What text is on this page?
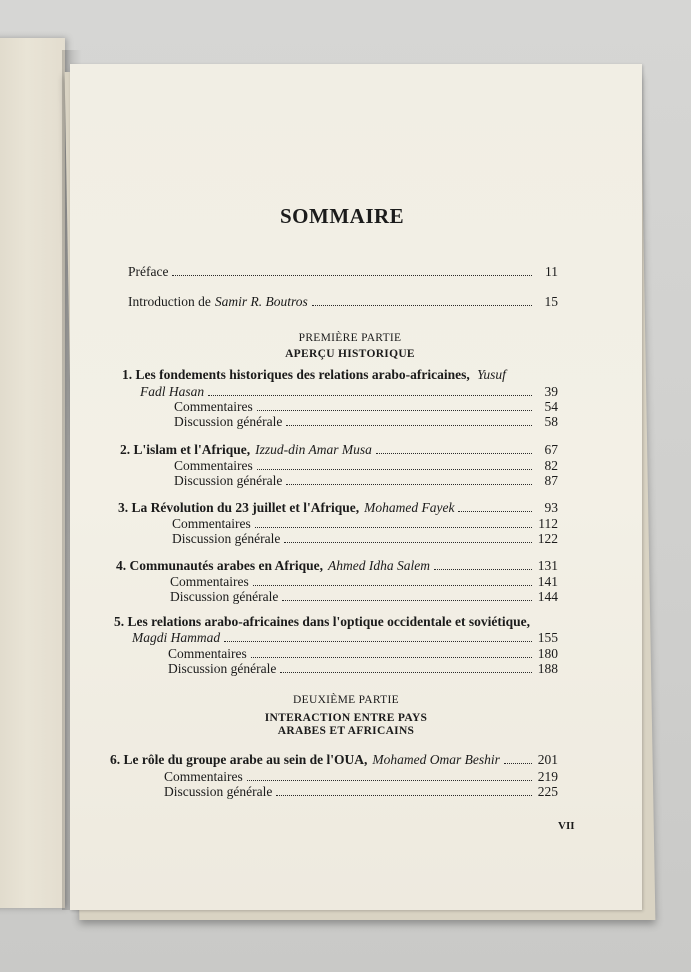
SOMMAIRE
Préface	11
Introduction de Samir R. Boutros	15
PREMIÈRE PARTIE
APERÇU HISTORIQUE
1. Les fondements historiques des relations arabo-africaines, Yusuf
Fadl Hasan	39
Commentaires	54
Discussion générale	58
2. L'islam et l'Afrique, Izzud-din Amar Musa	67
Commentaires	82
Discussion générale	87
3. La Révolution du 23 juillet et l'Afrique, Mohamed Fayek	93
Commentaires	112
Discussion générale	122
4. Communautés arabes en Afrique, Ahmed Idha Salem	131
Commentaires	141
Discussion générale	144
5. Les relations arabo-africaines dans l'optique occidentale et soviétique,
Magdi Hammad	155
Commentaires	180
Discussion générale	188
DEUXIÈME PARTIE
INTERACTION ENTRE PAYS
ARABES ET AFRICAINS
6. Le rôle du groupe arabe au sein de l'OUA, Mohamed Omar Beshir	201
Commentaires	219
Discussion générale	225
VII
